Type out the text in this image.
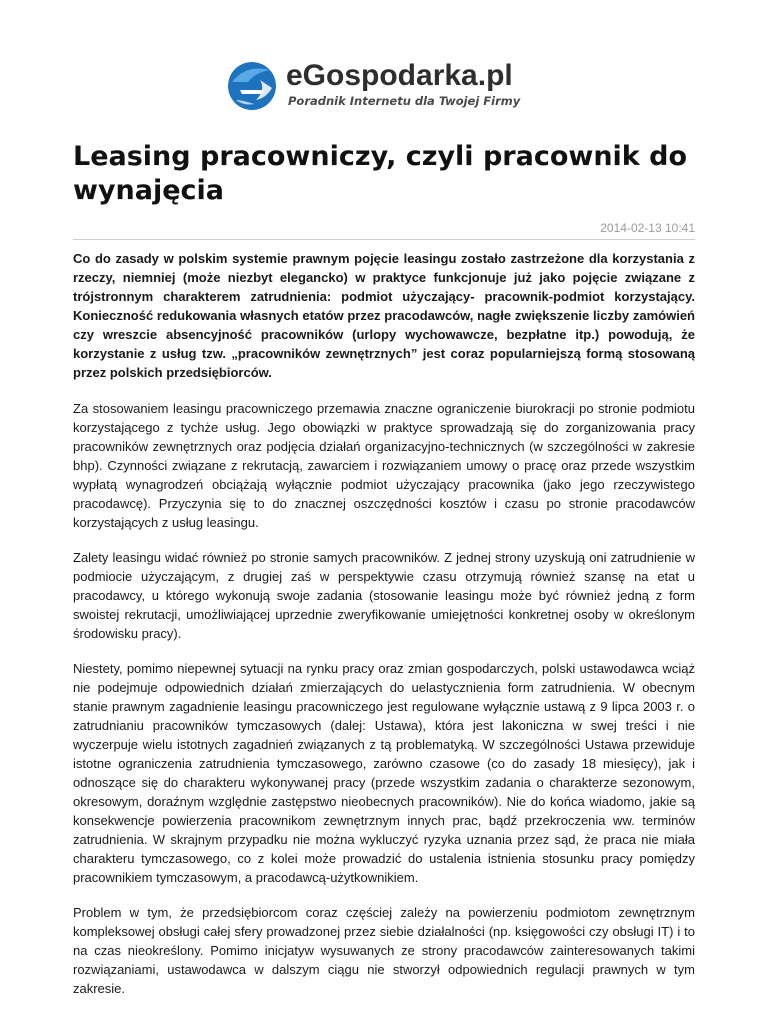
eGospodarka.pl
Poradnik Internetu dla Twojej Firmy
Leasing pracowniczy, czyli pracownik do wynajęcia
2014-02-13 10:41

Co do zasady w polskim systemie prawnym pojęcie leasingu zostało zastrzeżone dla korzystania z rzeczy, niemniej (może niezbyt elegancko) w praktyce funkcjonuje już jako pojęcie związane z trójstronnym charakterem zatrudnienia: podmiot użyczający- pracownik-podmiot korzystający. Konieczność redukowania własnych etatów przez pracodawców, nagłe zwiększenie liczby zamówień czy wreszcie absencyjność pracowników (urlopy wychowawcze, bezpłatne itp.) powodują, że korzystanie z usług tzw. „pracowników zewnętrznych” jest coraz popularniejszą formą stosowaną przez polskich przedsiębiorców.

Za stosowaniem leasingu pracowniczego przemawia znaczne ograniczenie biurokracji po stronie podmiotu korzystającego z tychże usług. Jego obowiązki w praktyce sprowadzają się do zorganizowania pracy pracowników zewnętrznych oraz podjęcia działań organizacyjno-technicznych (w szczególności w zakresie bhp). Czynności związane z rekrutacją, zawarciem i rozwiązaniem umowy o pracę oraz przede wszystkim wypłatą wynagrodzeń obciążają wyłącznie podmiot użyczający pracownika (jako jego rzeczywistego pracodawcę). Przyczynia się to do znacznej oszczędności kosztów i czasu po stronie pracodawców korzystających z usług leasingu.

Zalety leasingu widać również po stronie samych pracowników. Z jednej strony uzyskują oni zatrudnienie w podmiocie użyczającym, z drugiej zaś w perspektywie czasu otrzymują również szansę na etat u pracodawcy, u którego wykonują swoje zadania (stosowanie leasingu może być również jedną z form swoistej rekrutacji, umożliwiającej uprzednie zweryfikowanie umiejętności konkretnej osoby w określonym środowisku pracy).

Niestety, pomimo niepewnej sytuacji na rynku pracy oraz zmian gospodarczych, polski ustawodawca wciąż nie podejmuje odpowiednich działań zmierzających do uelastycznienia form zatrudnienia. W obecnym stanie prawnym zagadnienie leasingu pracowniczego jest regulowane wyłącznie ustawą z 9 lipca 2003 r. o zatrudnianiu pracowników tymczasowych (dalej: Ustawa), która jest lakoniczna w swej treści i nie wyczerpuje wielu istotnych zagadnień związanych z tą problematyką. W szczególności Ustawa przewiduje istotne ograniczenia zatrudnienia tymczasowego, zarówno czasowe (co do zasady 18 miesięcy), jak i odnoszące się do charakteru wykonywanej pracy (przede wszystkim zadania o charakterze sezonowym, okresowym, doraźnym względnie zastępstwo nieobecnych pracowników). Nie do końca wiadomo, jakie są konsekwencje powierzenia pracownikom zewnętrznym innych prac, bądź przekroczenia ww. terminów zatrudnienia. W skrajnym przypadku nie można wykluczyć ryzyka uznania przez sąd, że praca nie miała charakteru tymczasowego, co z kolei może prowadzić do ustalenia istnienia stosunku pracy pomiędzy pracownikiem tymczasowym, a pracodawcą-użytkownikiem.

Problem w tym, że przedsiębiorcom coraz częściej zależy na powierzeniu podmiotom zewnętrznym kompleksowej obsługi całej sfery prowadzonej przez siebie działalności (np. księgowości czy obsługi IT) i to na czas nieokreślony. Pomimo inicjatyw wysuwanych ze strony pracodawców zainteresowanych takimi rozwiązaniami, ustawodawca w dalszym ciągu nie stworzył odpowiednich regulacji prawnych w tym zakresie.
